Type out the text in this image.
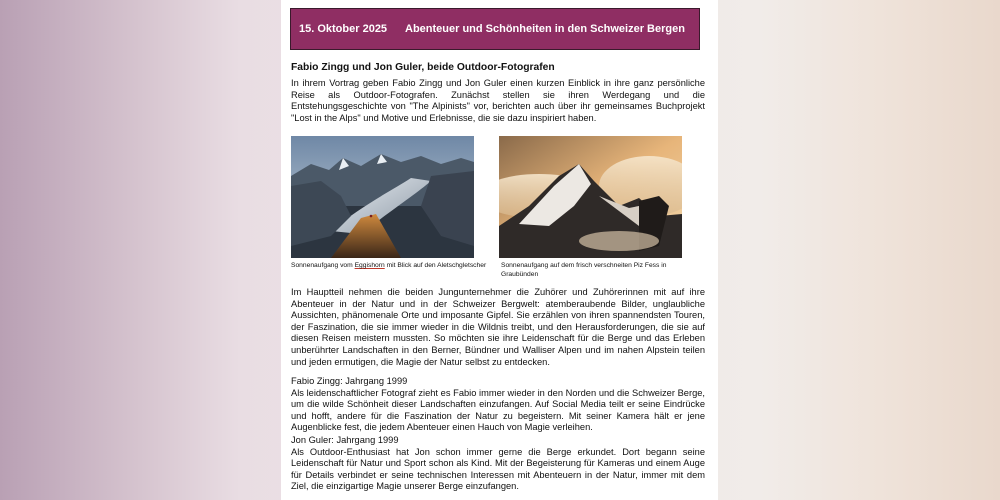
15. Oktober 2025	Abenteuer und Schönheiten in den Schweizer Bergen
Fabio Zingg und Jon Guler, beide Outdoor-Fotografen

In ihrem Vortrag geben Fabio Zingg und Jon Guler einen kurzen Einblick in ihre ganz persönliche Reise als Outdoor-Fotografen. Zunächst stellen sie ihren Werdegang und die Entstehungsgeschichte von "The Alpinists" vor, berichten auch über ihr gemeinsames Buchprojekt "Lost in the Alps" und Motive und Erlebnisse, die sie dazu inspiriert haben.

Sonnenaufgang vom Eggishorn mit Blick auf den Aletschgletscher	Sonnenaufgang auf dem frisch verschneiten Piz Fess in Graubünden

Im Hauptteil nehmen die beiden Jungunternehmer die Zuhörer und Zuhörerinnen mit auf ihre Abenteuer in der Natur und in der Schweizer Bergwelt: atemberaubende Bilder, unglaubliche Aussichten, phänomenale Orte und imposante Gipfel. Sie erzählen von ihren spannendsten Touren, der Faszination, die sie immer wieder in die Wildnis treibt, und den Herausforderungen, die sie auf diesen Reisen meistern mussten. So möchten sie ihre Leidenschaft für die Berge und das Erleben unberührter Landschaften in den Berner, Bündner und Walliser Alpen und im nahen Alpstein teilen und jeden ermutigen, die Magie der Natur selbst zu entdecken.

Fabio Zingg: Jahrgang 1999
Als leidenschaftlicher Fotograf zieht es Fabio immer wieder in den Norden und die Schweizer Berge, um die wilde Schönheit dieser Landschaften einzufangen. Auf Social Media teilt er seine Eindrücke und hofft, andere für die Faszination der Natur zu begeistern. Mit seiner Kamera hält er jene Augenblicke fest, die jedem Abenteuer einen Hauch von Magie verleihen.

Jon Guler: Jahrgang 1999
Als Outdoor-Enthusiast hat Jon schon immer gerne die Berge erkundet. Dort begann seine Leidenschaft für Natur und Sport schon als Kind. Mit der Begeisterung für Kameras und einem Auge für Details verbindet er seine technischen Interessen mit Abenteuern in der Natur, immer mit dem Ziel, die einzigartige Magie unserer Berge einzufangen.
